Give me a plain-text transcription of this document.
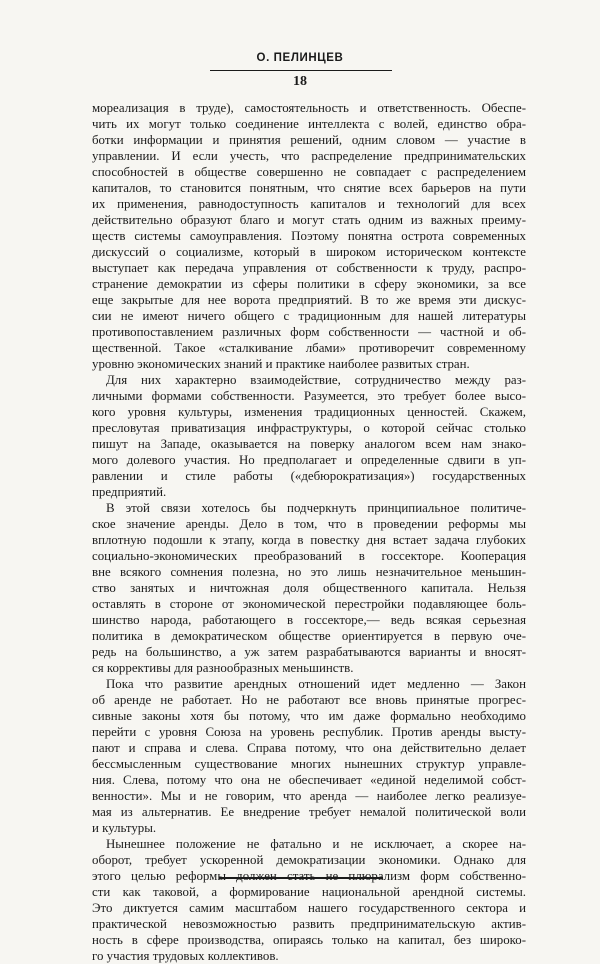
О. ПЕЛИНЦЕВ
18

мореализация в труде), самостоятельность и ответственность. Обеспе-
чить их могут только соединение интеллекта с волей, единство обра-
ботки информации и принятия решений, одним словом — участие в
управлении. И если учесть, что распределение предпринимательских
способностей в обществе совершенно не совпадает с распределением
капиталов, то становится понятным, что снятие всех барьеров на пути
их применения, равнодоступность капиталов и технологий для всех
действительно образуют благо и могут стать одним из важных преиму-
ществ системы самоуправления. Поэтому понятна острота современных
дискуссий о социализме, который в широком историческом контексте
выступает как передача управления от собственности к труду, распро-
странение демократии из сферы политики в сферу экономики, за все
еще закрытые для нее ворота предприятий. В то же время эти дискус-
сии не имеют ничего общего с традиционным для нашей литературы
противопоставлением различных форм собственности — частной и об-
щественной. Такое «сталкивание лбами» противоречит современному
уровню экономических знаний и практике наиболее развитых стран.

Для них характерно взаимодействие, сотрудничество между раз-
личными формами собственности. Разумеется, это требует более высо-
кого уровня культуры, изменения традиционных ценностей. Скажем,
пресловутая приватизация инфраструктуры, о которой сейчас столько
пишут на Западе, оказывается на поверку аналогом всем нам знако-
мого долевого участия. Но предполагает и определенные сдвиги в уп-
равлении и стиле работы («дебюрократизация») государственных
предприятий.

В этой связи хотелось бы подчеркнуть принципиальное политиче-
ское значение аренды. Дело в том, что в проведении реформы мы
вплотную подошли к этапу, когда в повестку дня встает задача глубоких
социально-экономических преобразований в госсекторе. Кооперация
вне всякого сомнения полезна, но это лишь незначительное меньшин-
ство занятых и ничтожная доля общественного капитала. Нельзя
оставлять в стороне от экономической перестройки подавляющее боль-
шинство народа, работающего в госсекторе,— ведь всякая серьезная
политика в демократическом обществе ориентируется в первую оче-
редь на большинство, а уж затем разрабатываются варианты и вносят-
ся коррективы для разнообразных меньшинств.

Пока что развитие арендных отношений идет медленно — Закон
об аренде не работает. Но не работают все вновь принятые прогрес-
сивные законы хотя бы потому, что им даже формально необходимо
перейти с уровня Союза на уровень республик. Против аренды высту-
пают и справа и слева. Справа потому, что она действительно делает
бессмысленным существование многих нынешних структур управле-
ния. Слева, потому что она не обеспечивает «единой неделимой собст-
венности». Мы и не говорим, что аренда — наиболее легко реализуе-
мая из альтернатив. Ее внедрение требует немалой политической воли
и культуры.

Нынешнее положение не фатально и не исключает, а скорее на-
оборот, требует ускоренной демократизации экономики. Однако для
этого целью реформы должен стать не плюрализм форм собственно-
сти как таковой, а формирование национальной арендной системы.
Это диктуется самим масштабом нашего государственного сектора и
практической невозможностью развить предпринимательскую актив-
ность в сфере производства, опираясь только на капитал, без широко-
го участия трудовых коллективов.
